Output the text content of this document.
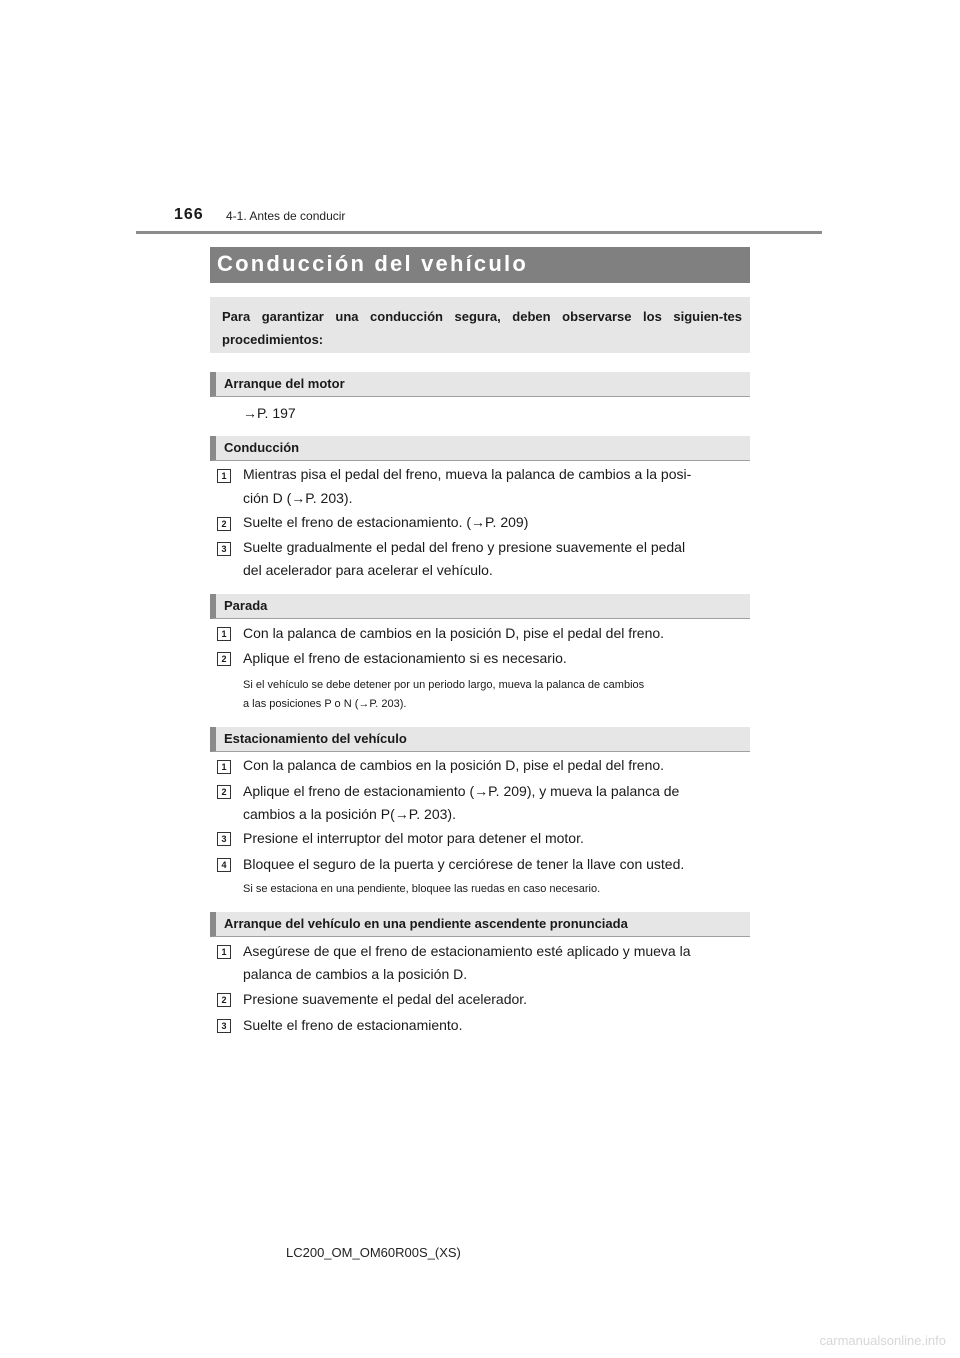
166 4-1. Antes de conducir
Conducción del vehículo
Para garantizar una conducción segura, deben observarse los siguien-tes procedimientos:
Arranque del motor
→P. 197
Conducción
1	Mientras pisa el pedal del freno, mueva la palanca de cambios a la posi-
ción D (→P. 203).
2	Suelte el freno de estacionamiento. (→P. 209)
3	Suelte gradualmente el pedal del freno y presione suavemente el pedal
del acelerador para acelerar el vehículo.
Parada
1	Con la palanca de cambios en la posición D, pise el pedal del freno.
2	Aplique el freno de estacionamiento si es necesario.
Si el vehículo se debe detener por un periodo largo, mueva la palanca de cambios
a las posiciones P o N (→P. 203).
Estacionamiento del vehículo
1	Con la palanca de cambios en la posición D, pise el pedal del freno.
2	Aplique el freno de estacionamiento (→P. 209), y mueva la palanca de
cambios a la posición P(→P. 203).
3	Presione el interruptor del motor para detener el motor.
4	Bloquee el seguro de la puerta y cerciórese de tener la llave con usted.
Si se estaciona en una pendiente, bloquee las ruedas en caso necesario.
Arranque del vehículo en una pendiente ascendente pronunciada
1	Asegúrese de que el freno de estacionamiento esté aplicado y mueva la
palanca de cambios a la posición D.
2	Presione suavemente el pedal del acelerador.
3	Suelte el freno de estacionamiento.
LC200_OM_OM60R00S_(XS)
carmanualsonline.info
